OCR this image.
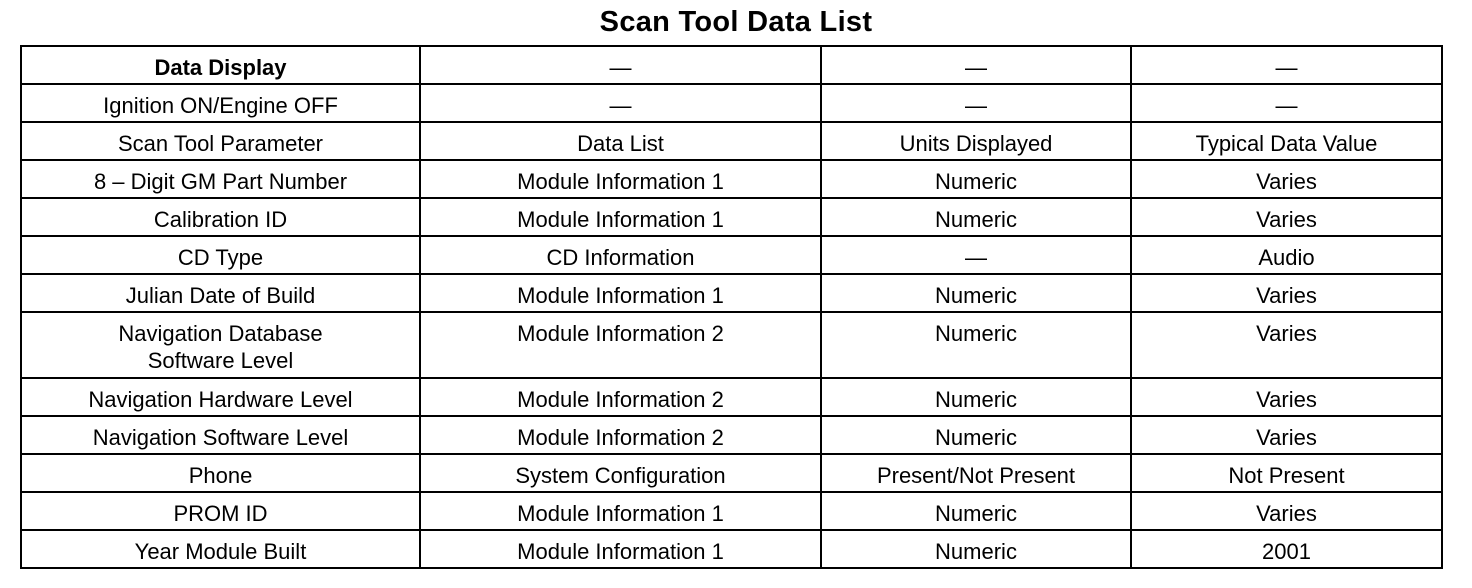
Scan Tool Data List
Data Display	—	—	—
Ignition ON/Engine OFF	—	—	—
Scan Tool Parameter	Data List	Units Displayed	Typical Data Value
8 – Digit GM Part Number	Module Information 1	Numeric	Varies
Calibration ID	Module Information 1	Numeric	Varies
CD Type	CD Information	—	Audio
Julian Date of Build	Module Information 1	Numeric	Varies

Navigation Database
Software Level	Module Information 2	Numeric	Varies
Navigation Hardware Level	Module Information 2	Numeric	Varies
Navigation Software Level	Module Information 2	Numeric	Varies
Phone	System Configuration	Present/Not Present	Not Present
PROM ID	Module Information 1	Numeric	Varies
Year Module Built	Module Information 1	Numeric	2001
